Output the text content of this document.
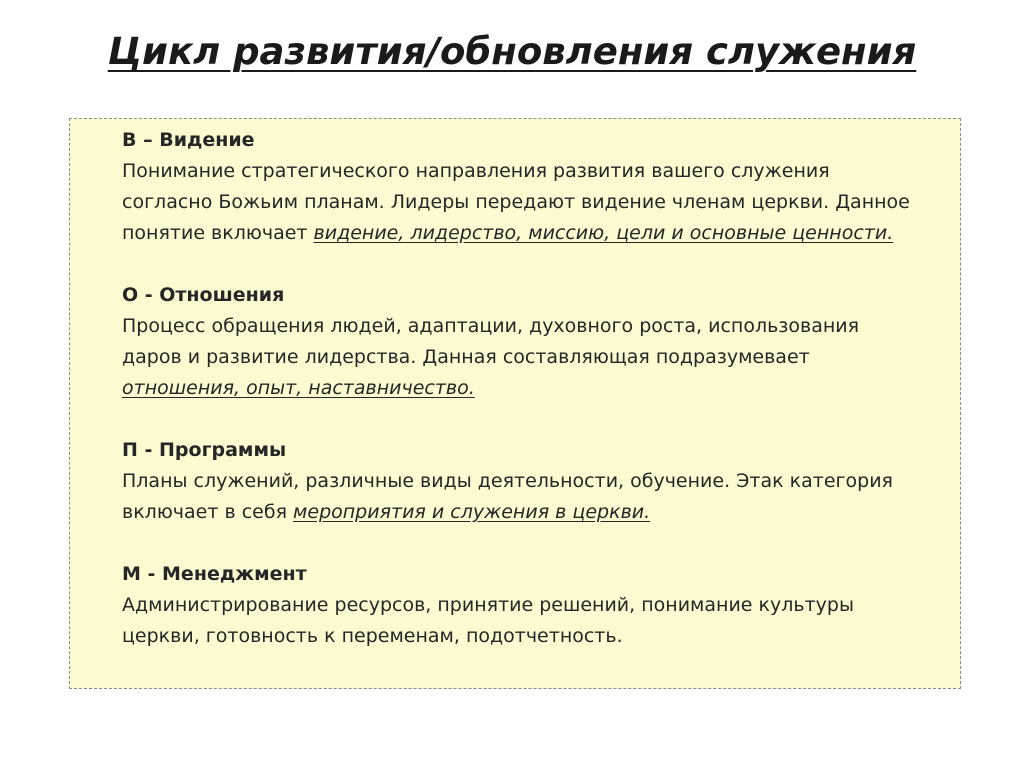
Цикл развития/обновления служения
В – Видение
Понимание стратегического направления развития вашего служения согласно Божьим планам. Лидеры передают видение членам церкви. Данное понятие включает видение, лидерство, миссию, цели и основные ценности.
О - Отношения
Процесс обращения людей, адаптации, духовного роста, использования даров и развитие лидерства. Данная составляющая подразумевает отношения, опыт, наставничество.
П - Программы
Планы служений, различные виды деятельности, обучение. Этак категория включает в себя мероприятия и служения в церкви.
М - Менеджмент
Администрирование ресурсов, принятие решений, понимание культуры церкви, готовность к переменам, подотчетность.
